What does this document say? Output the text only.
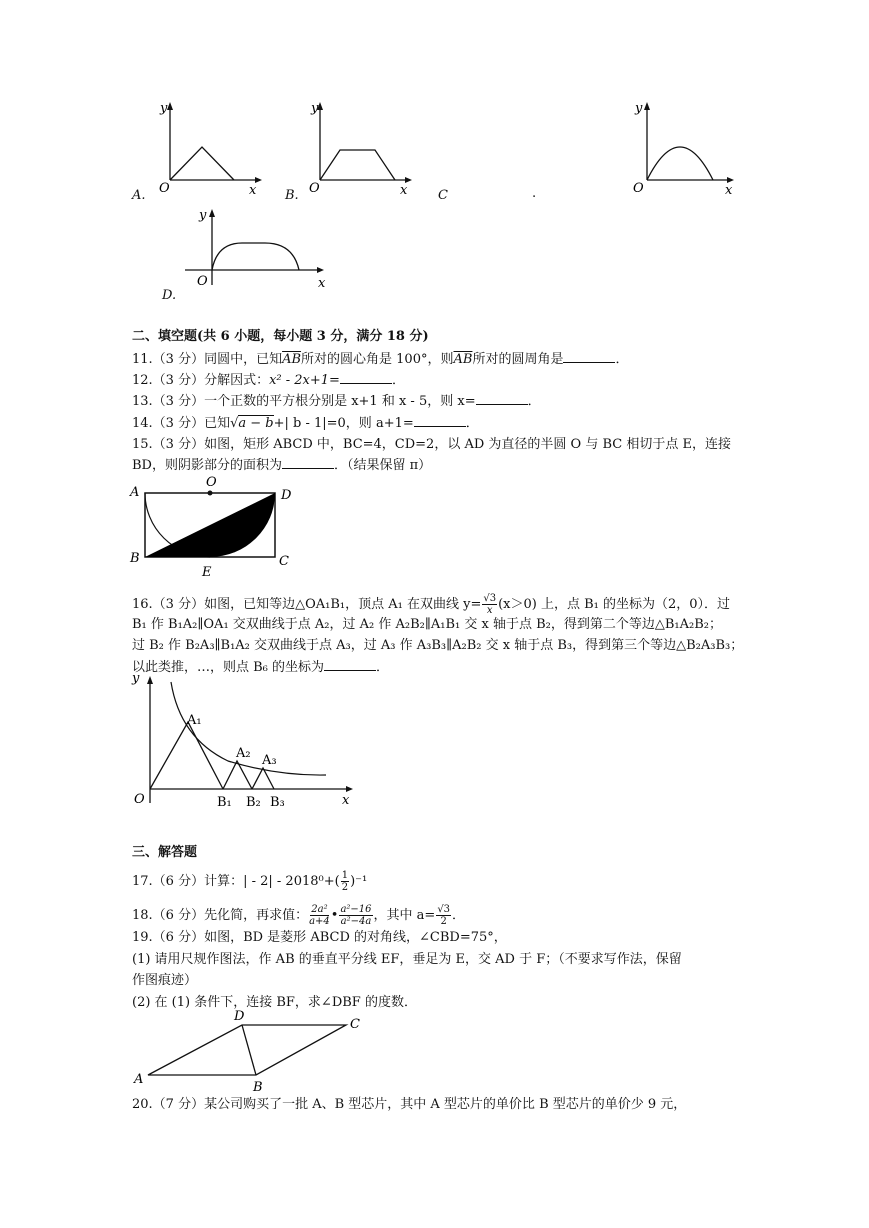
y
x
O
A.
y
x
O
B.	C	.
y
x
O
y
x
O
D.
二、填空题(共 6 小题，每小题 3 分，满分 18 分)
11.（3 分）同圆中，已知$\overline{AB}$所对的圆心角是 100°，则$\overline{AB}$所对的圆周角是	．
12.（3 分）分解因式：x² - 2x+1=	．
13.（3 分）一个正数的平方根分别是 x+1 和 x - 5，则 x=	．
14.（3 分）已知√a − b+| b - 1|=0，则 a+1=	．
15.（3 分）如图，矩形 ABCD 中，BC=4，CD=2，以 AD 为直径的半圆 O 与 BC 相切于点 E，连接
BD，则阴影部分的面积为	．（结果保留 π）
A
O
D
B	C
E
16.（3 分）如图，已知等边△OA₁B₁，顶点 A₁ 在双曲线 $y= \frac{√3}{x} (x>0)$ 上，点 B₁ 的坐标为（2，0）．过
B₁ 作 B₁A₂∥OA₁ 交双曲线于点 A₂，过 A₂ 作 A₂B₂∥A₁B₁ 交 x 轴于点 B₂，得到第二个等边△B₁A₂B₂；
过 B₂ 作 B₂A₃∥B₁A₂ 交双曲线于点 A₃，过 A₃ 作 A₃B₃∥A₂B₂ 交 x 轴于点 B₃，得到第三个等边△B₂A₃B₃；
以此类推，…，则点 B₆ 的坐标为	．
y
x
O
A₁
A₂ A₃
B₁ B₂ B₃
三、解答题
17.（6 分）计算：| - $2| - 2018^0+( \frac{1}{2} )^{-1}$
18.（6 分）先化简，再求值： $\frac{\text{2a²}}{a+4}$ • $\frac{\text{a²−16}}{\text{a²−4a}}$ ，其中 $a= \frac{√3}{2}$ ．
19.（6 分）如图，BD 是菱形 ABCD 的对角线，∠CBD=75°，
(1) 请用尺规作图法，作 AB 的垂直平分线 EF，垂足为 E，交 AD 于 F；（不要求写作法，保留
作图痕迹）
(2) 在 (1) 条件下，连接 BF，求∠DBF 的度数．
A
B
C
D
20.（7 分）某公司购买了一批 A、B 型芯片，其中 A 型芯片的单价比 B 型芯片的单价少 9 元，
